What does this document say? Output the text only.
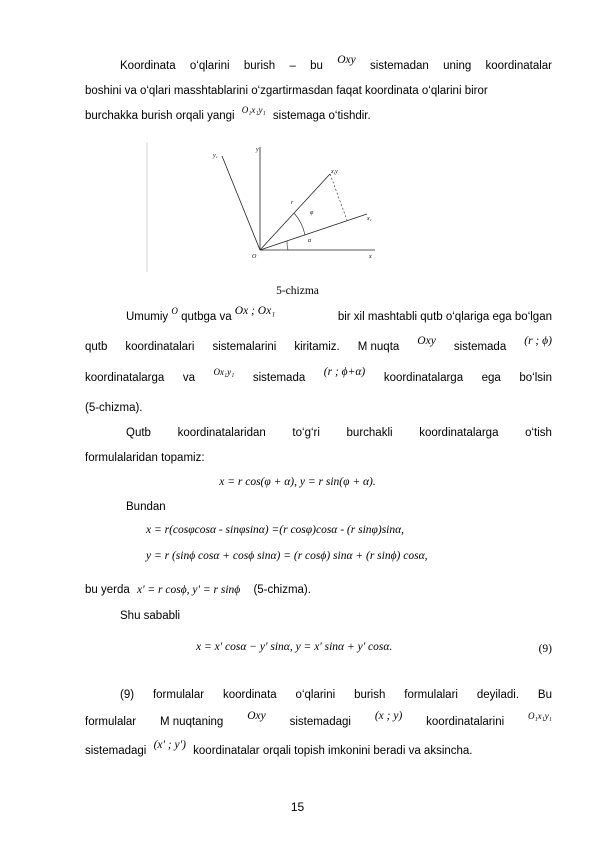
Koordinata o‘qlarini burish – bu Oxy sistemadan uning koordinatalar
boshini va o‘qlari masshtablarini o‘zgartirmasdan faqat koordinata o‘qlarini biror
burchakka burish orqali yangi $^{O_1x_1y_1}$ sistemaga o‘tishdir.
y₁
y
x,y
r
φ
α
x₁
x
O
5-chizma
Umumiy $^O$ qutbga va Ox ; Ox₁	bir xil mashtabli qutb o‘qlariga ega bo‘lgan
qutb koordinatalari sistemalarini kiritamiz. M nuqta Oxy sistemada (r ; ϕ)
koordinatalarga va Ox₁y₁ sistemada (r ; ϕ+α) koordinatalarga ega bo‘lsin
(5-chizma).
Qutb koordinatalaridan to‘g‘ri burchakli koordinatalarga o‘tish
formulalaridan topamiz:
x = r cos(φ + α), y = r sin(φ + α).
Bundan
x = r(cosφcosα - sinφsinα) =(r cosφ)cosα - (r sinφ)sinα,
y = r (sinϕ cosα + cosϕ sinα) = (r cosϕ) sinα + (r sinϕ) cosα,
bu yerda x' = r cosϕ, y' = r sinϕ (5-chizma).
Shu sababli
x = x' cosα − y' sinα, y = x' sinα + y' cosα.	(9)
(9) formulalar koordinata o‘qlarini burish formulalari deyiladi. Bu
formulalar M nuqtaning Oxy sistemadagi (x ; y) koordinatalarini	O₁x₁y₁
sistemadagi (x' ; y') koordinatalar orqali topish imkonini beradi va aksincha.
15
